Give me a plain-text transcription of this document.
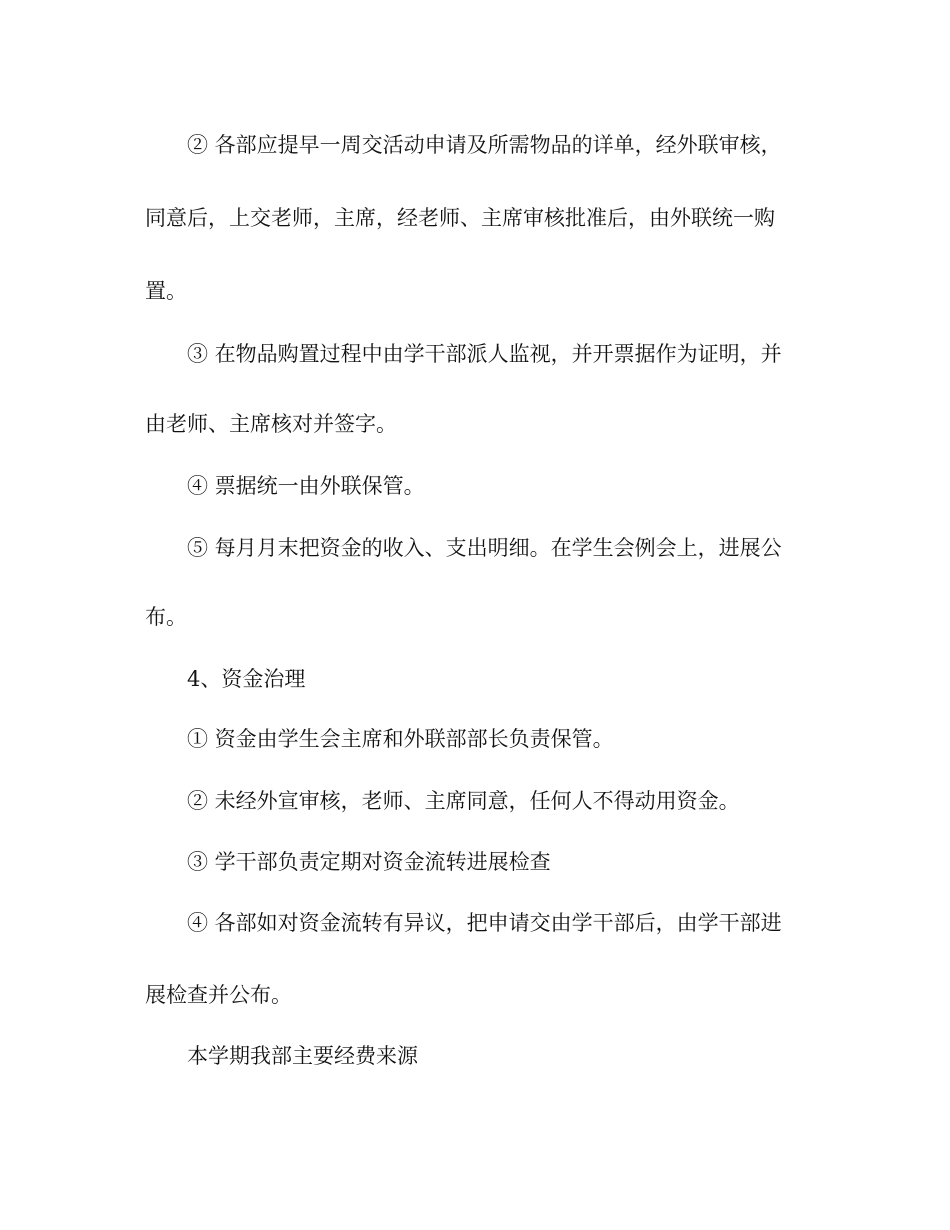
② 各部应提早一周交活动申请及所需物品的详单，经外联审核，
同意后，上交老师，主席，经老师、主席审核批准后，由外联统一购
置。
③ 在物品购置过程中由学干部派人监视，并开票据作为证明，并
由老师、主席核对并签字。
④ 票据统一由外联保管。
⑤ 每月月末把资金的收入、支出明细。在学生会例会上，进展公
布。
4、资金治理
① 资金由学生会主席和外联部部长负责保管。
② 未经外宣审核，老师、主席同意，任何人不得动用资金。
③ 学干部负责定期对资金流转进展检查
④ 各部如对资金流转有异议，把申请交由学干部后，由学干部进
展检查并公布。
本学期我部主要经费来源
